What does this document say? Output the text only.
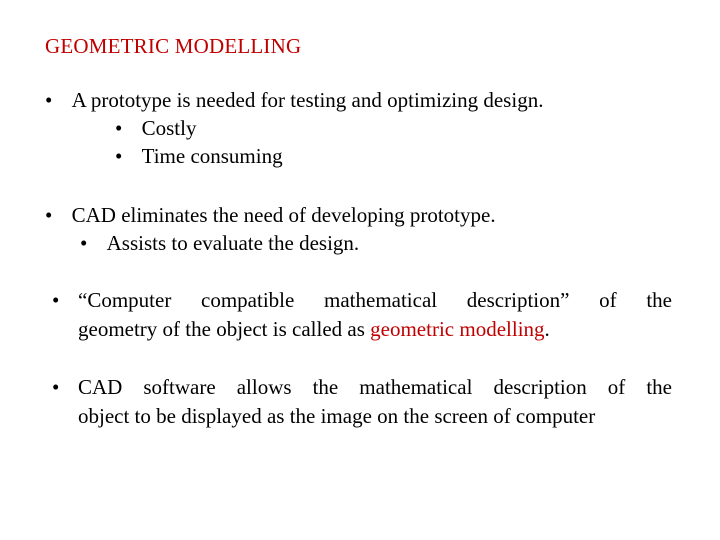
GEOMETRIC MODELLING
• A prototype is needed for testing and optimizing design.
• Costly
• Time consuming
• CAD eliminates the need of developing prototype.
• Assists to evaluate the design.
• “Computer compatible mathematical description” of the
geometry of the object is called as geometric modelling.
• CAD software allows the mathematical description of the
object to be displayed as the image on the screen of computer
